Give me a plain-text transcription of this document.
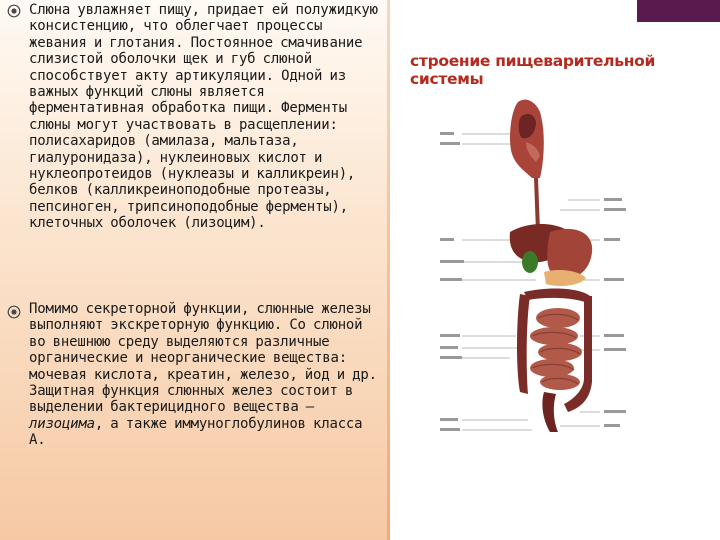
Слюна увлажняет пищу, придает ей полужидкую консистенцию, что облегчает процессы жевания и глотания. Постоянное смачивание слизистой оболочки щек и губ слюной способствует акту артикуляции. Одной из важных функций слюны является ферментативная обработка пищи. Ферменты слюны могут участвовать в расщеплении: полисахаридов (амилаза, мальтаза, гиалуронидаза), нуклеиновых кислот и нуклеопротеидов (нуклеазы и калликреин), белков (калликреиноподобные протеазы, пепсиноген, трипсиноподобные ферменты), клеточных оболочек (лизоцим).
Помимо секреторной функции, слюнные железы выполняют экскреторную функцию. Со слюной во внешнюю среду выделяются различные органические и неорганические вещества: мочевая кислота, креатин, железо, йод и др. Защитная функция слюнных желез состоит в выделении бактерицидного вещества – лизоцима, а также иммуноглобулинов класса А.
строение пищеварительной системы
